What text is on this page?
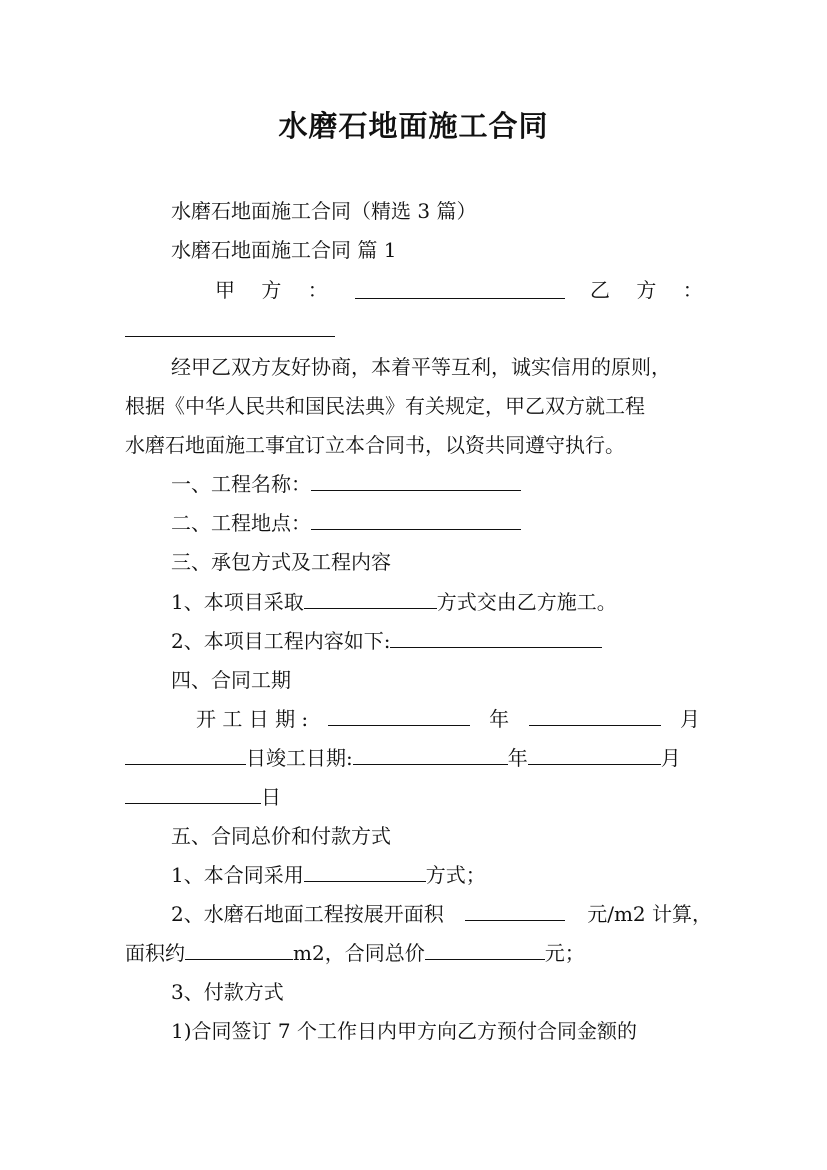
水磨石地面施工合同
水磨石地面施工合同（精选 3 篇）
水磨石地面施工合同 篇 1
甲 方 ：	乙 方 ：
经甲乙双方友好协商，本着平等互利，诚实信用的原则，
根据《中华人民共和国民法典》有关规定，甲乙双方就工程
水磨石地面施工事宜订立本合同书，以资共同遵守执行。
一、工程名称：
二、工程地点：
三、承包方式及工程内容
1、本项目采取	方式交由乙方施工。
2、本项目工程内容如下:
四、合同工期
开 工 日 期 :	年	月
日竣工日期:	年	月
日
五、合同总价和付款方式
1、本合同采用	方式；
2、水磨石地面工程按展开面积	元/m2 计算，
面积约	m2，合同总价	元；
3、付款方式
1)合同签订 7 个工作日内甲方向乙方预付合同金额的
